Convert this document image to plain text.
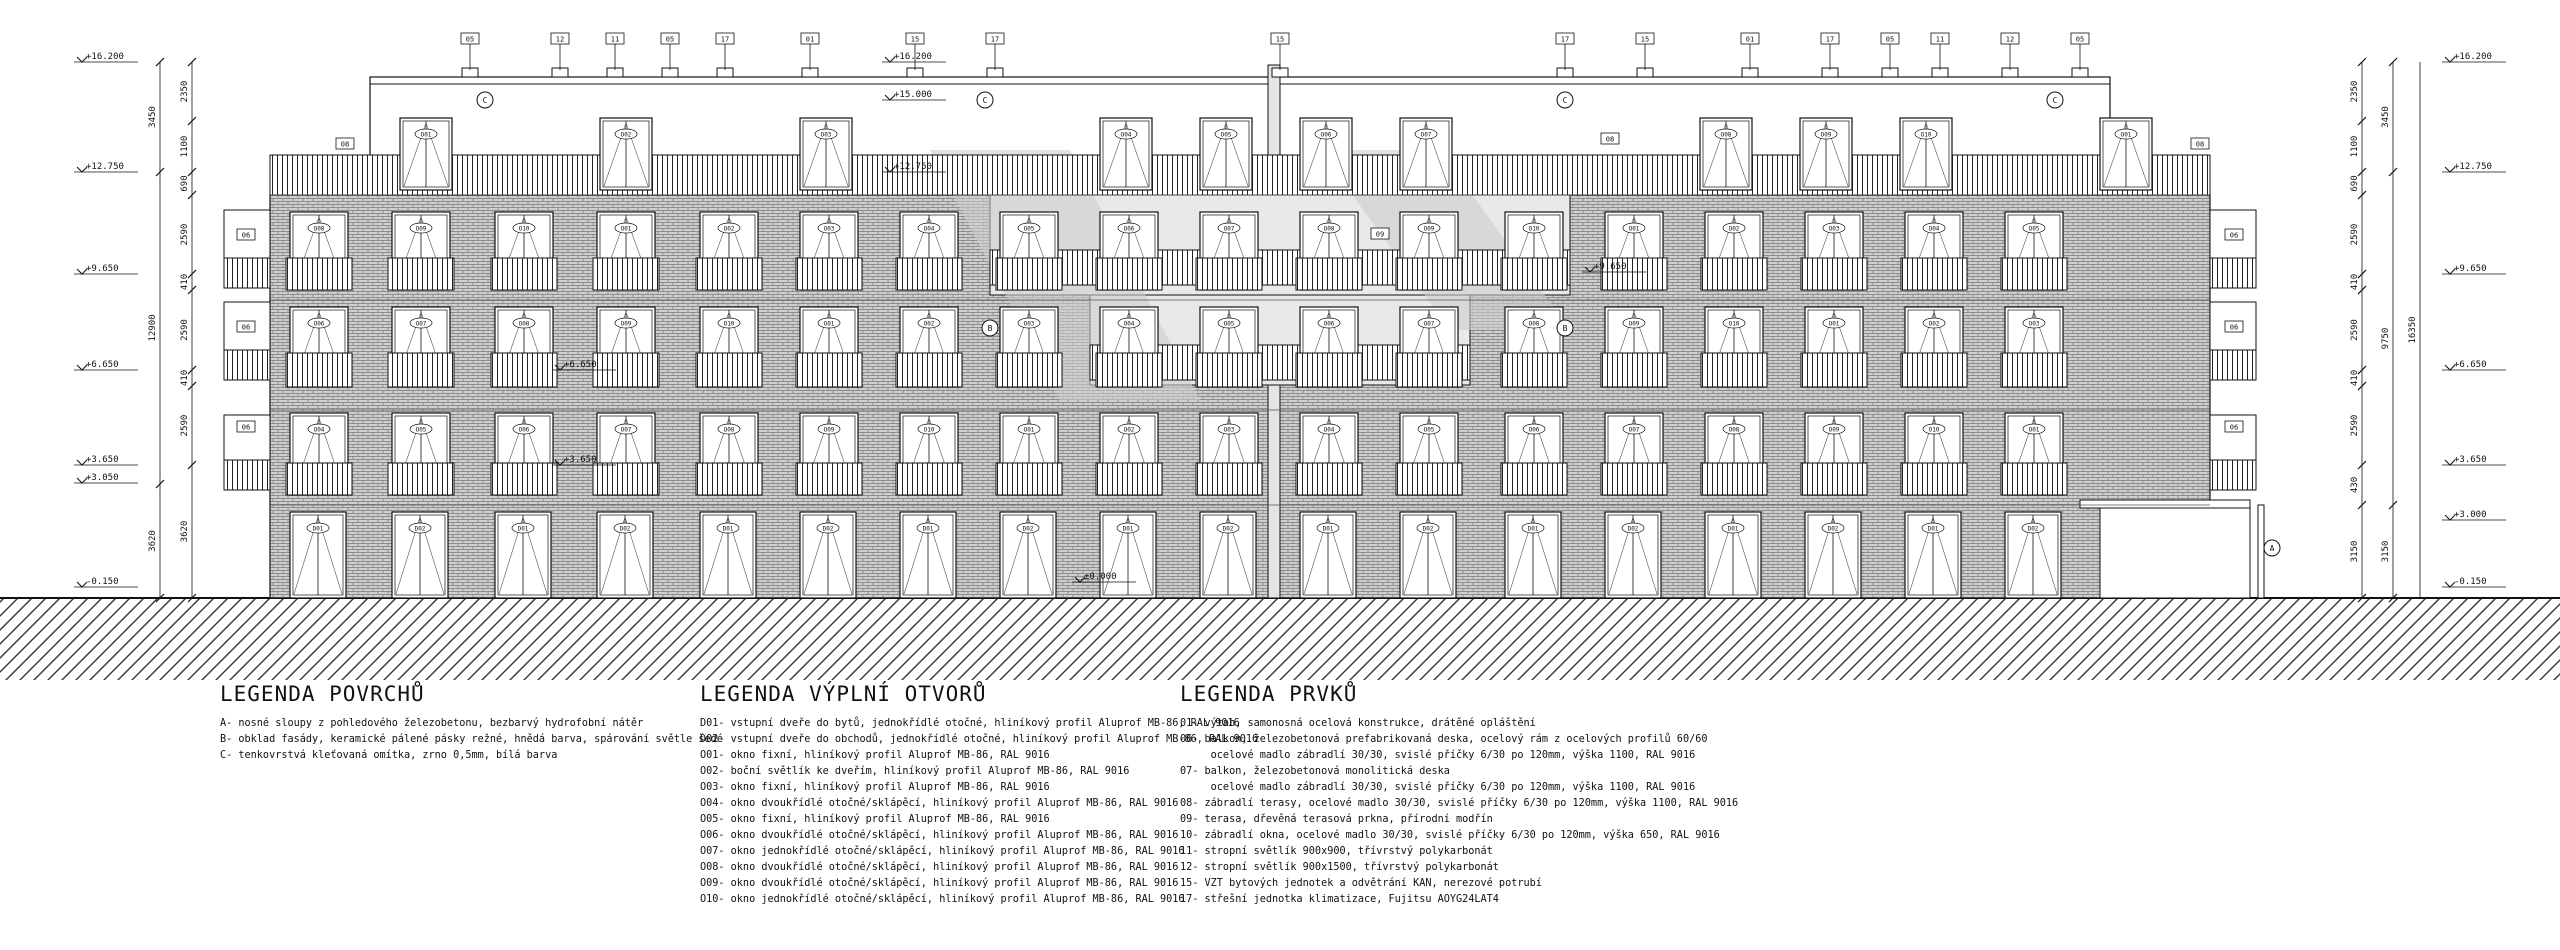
O08
O06
O04
D01
O09
O07
O05
D02
O10
O08
O06
D01
O01
O09
O07
D02
O02
O10
O08
D01
O03
O01
O09
D02
O04
O02
O10
D01
O05
O03
O01
D02
O06
O04
O02
D01
O07
O05
O03
D02
O08
O06
O04
D01
O09
O07
O05
D02
O10
O08
O06
D01
O01
O09
O07
D02
O02
O10
O08
D01
O03
O01
O09
D02
O04
O02
O10
D01
O05
O03
O01
D02
O01	O02	O03	O04	O05	O06	O07	O08	O09	O10	O01
05	12	11	05	17	01	15	17	15	17	15	01	17	05	11	12	05
C	C	C	C
B	B
A
08	08
08
06	06
06	06
06	06
09
+16.200
+12.750
+9.650
+6.650
+3.650
+3.050
-0.150
+16.200
+12.750
+9.650
+6.650
+3.650
+3.000
-0.150
+16.200
+15.000
+12.750
+9.650
+6.650
+3.650
±0.000
3450
12900
3620
2350
1100
690
2590
410
2590
410
2590
3620
2350
1100
690
2590
410
2590
410
2590
430
3150
3450
9750
3150
16350
LEGENDA POVRCHŮ
A- nosné sloupy z pohledového železobetonu, bezbarvý hydrofobní nátěr
B- obklad fasády, keramické pálené pásky režné, hnědá barva, spárování světle šedé
C- tenkovrstvá kleťovaná omítka, zrno 0,5mm, bílá barva
LEGENDA VÝPLNÍ OTVORŮ
D01- vstupní dveře do bytů, jednokřídlé otočné, hliníkový profil Aluprof MB-86, RAL 9016
D02- vstupní dveře do obchodů, jednokřídlé otočné, hliníkový profil Aluprof MB-86, RAL 9016
O01- okno fixní, hliníkový profil Aluprof MB-86, RAL 9016
O02- boční světlík ke dveřím, hliníkový profil Aluprof MB-86, RAL 9016
O03- okno fixní, hliníkový profil Aluprof MB-86, RAL 9016
O04- okno dvoukřídlé otočné/sklápěcí, hliníkový profil Aluprof MB-86, RAL 9016
O05- okno fixní, hliníkový profil Aluprof MB-86, RAL 9016
O06- okno dvoukřídlé otočné/sklápěcí, hliníkový profil Aluprof MB-86, RAL 9016
O07- okno jednokřídlé otočné/sklápěcí, hliníkový profil Aluprof MB-86, RAL 9016
O08- okno dvoukřídlé otočné/sklápěcí, hliníkový profil Aluprof MB-86, RAL 9016
O09- okno dvoukřídlé otočné/sklápěcí, hliníkový profil Aluprof MB-86, RAL 9016
O10- okno jednokřídlé otočné/sklápěcí, hliníkový profil Aluprof MB-86, RAL 9016
LEGENDA PRVKŮ
01- výtah, samonosná ocelová konstrukce, drátěné opláštění
06- balkon, železobetonová prefabrikovaná deska, ocelový rám z ocelových profilů 60/60
ocelové madlo zábradlí 30/30, svislé příčky 6/30 po 120mm, výška 1100, RAL 9016
07- balkon, železobetonová monolitická deska
ocelové madlo zábradlí 30/30, svislé příčky 6/30 po 120mm, výška 1100, RAL 9016
08- zábradlí terasy, ocelové madlo 30/30, svislé příčky 6/30 po 120mm, výška 1100, RAL 9016
09- terasa, dřevěná terasová prkna, přírodní modřín
10- zábradlí okna, ocelové madlo 30/30, svislé příčky 6/30 po 120mm, výška 650, RAL 9016
11- stropní světlík 900x900, třívrstvý polykarbonát
12- stropní světlík 900x1500, třívrstvý polykarbonát
15- VZT bytových jednotek a odvětrání KAN, nerezové potrubí
17- střešní jednotka klimatizace, Fujitsu AOYG24LAT4
